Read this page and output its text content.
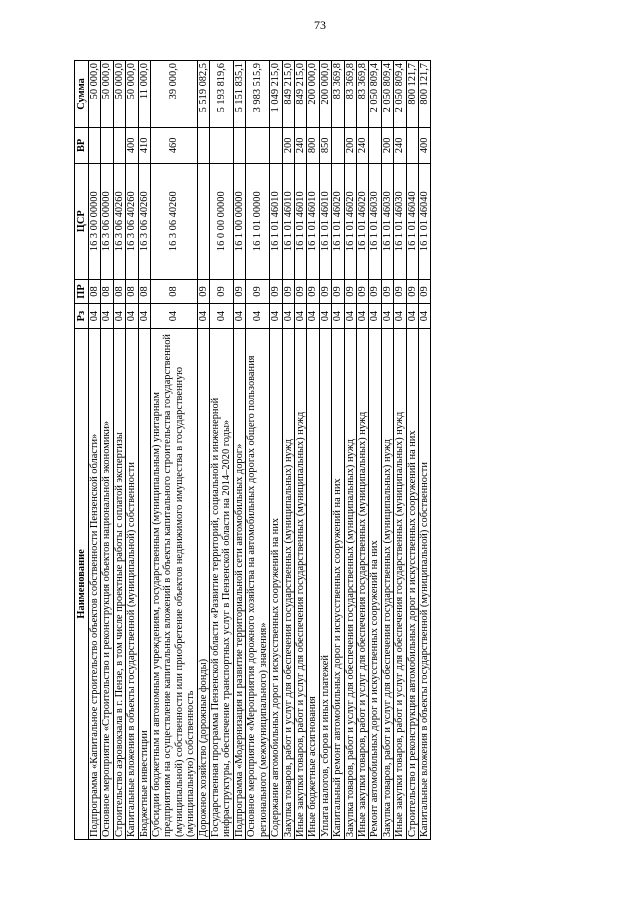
73
Наименование	Рз	ПР	ЦСР	ВР	Сумма
Подпрограмма «Капитальное строительство объектов собственности Пензенской области»	04	08	16 3 00 00000		50 000,0
Основное мероприятие «Строительство и реконструкция объектов национальной экономики»	04	08	16 3 06 00000		50 000,0
Строительство аэровокзала в г. Пензе, в том числе проектные работы с оплатой экспертизы	04	08	16 3 06 40260		50 000,0
Капитальные вложения в объекты государственной (муниципальной) собственности	04	08	16 3 06 40260	400	50 000,0
Бюджетные инвестиции	04	08	16 3 06 40260	410	11 000,0
Субсидии бюджетным и автономным учреждениям, государственным (муниципальным) унитарным предприятиям на осуществление капитальных вложений в объекты капитального строительства государственной (муниципальной) собственности или приобретение объектов недвижимого имущества в государственную (муниципальную) собственность	04	08	16 3 06 40260	460	39 000,0
Дорожное хозяйство (дорожные фонды)	04	09			5 519 082,5
Государственная программа Пензенской области «Развитие территорий, социальной и инженерной инфраструктуры, обеспечение транспортных услуг в Пензенской области на 2014–2020 годы»	04	09	16 0 00 00000		5 193 819,6
Подпрограмма «Модернизация и развитие территориальной сети автомобильных дорог»	04	09	16 1 00 00000		5 151 835,1
Основное мероприятие «Мероприятия дорожного хозяйства на автомобильных дорогах общего пользования регионального (межмуниципального) значения»	04	09	16 1 01 00000		3 983 515,9
Содержание автомобильных дорог и искусственных сооружений на них	04	09	16 1 01 46010		1 049 215,0
Закупка товаров, работ и услуг для обеспечения государственных (муниципальных) нужд	04	09	16 1 01 46010	200	849 215,0
Иные закупки товаров, работ и услуг для обеспечения государственных (муниципальных) нужд	04	09	16 1 01 46010	240	849 215,0
Иные бюджетные ассигнования	04	09	16 1 01 46010	800	200 000,0
Уплата налогов, сборов и иных платежей	04	09	16 1 01 46010	850	200 000,0
Капитальный ремонт автомобильных дорог и искусственных сооружений на них	04	09	16 1 01 46020		83 369,8
Закупка товаров, работ и услуг для обеспечения государственных (муниципальных) нужд	04	09	16 1 01 46020	200	83 369,8
Иные закупки товаров, работ и услуг для обеспечения государственных (муниципальных) нужд	04	09	16 1 01 46020	240	83 369,8
Ремонт автомобильных дорог и искусственных сооружений на них	04	09	16 1 01 46030		2 050 809,4
Закупка товаров, работ и услуг для обеспечения государственных (муниципальных) нужд	04	09	16 1 01 46030	200	2 050 809,4
Иные закупки товаров, работ и услуг для обеспечения государственных (муниципальных) нужд	04	09	16 1 01 46030	240	2 050 809,4
Строительство и реконструкция автомобильных дорог и искусственных сооружений на них	04	09	16 1 01 46040		800 121,7
Капитальные вложения в объекты государственной (муниципальной) собственности	04	09	16 1 01 46040	400	800 121,7
